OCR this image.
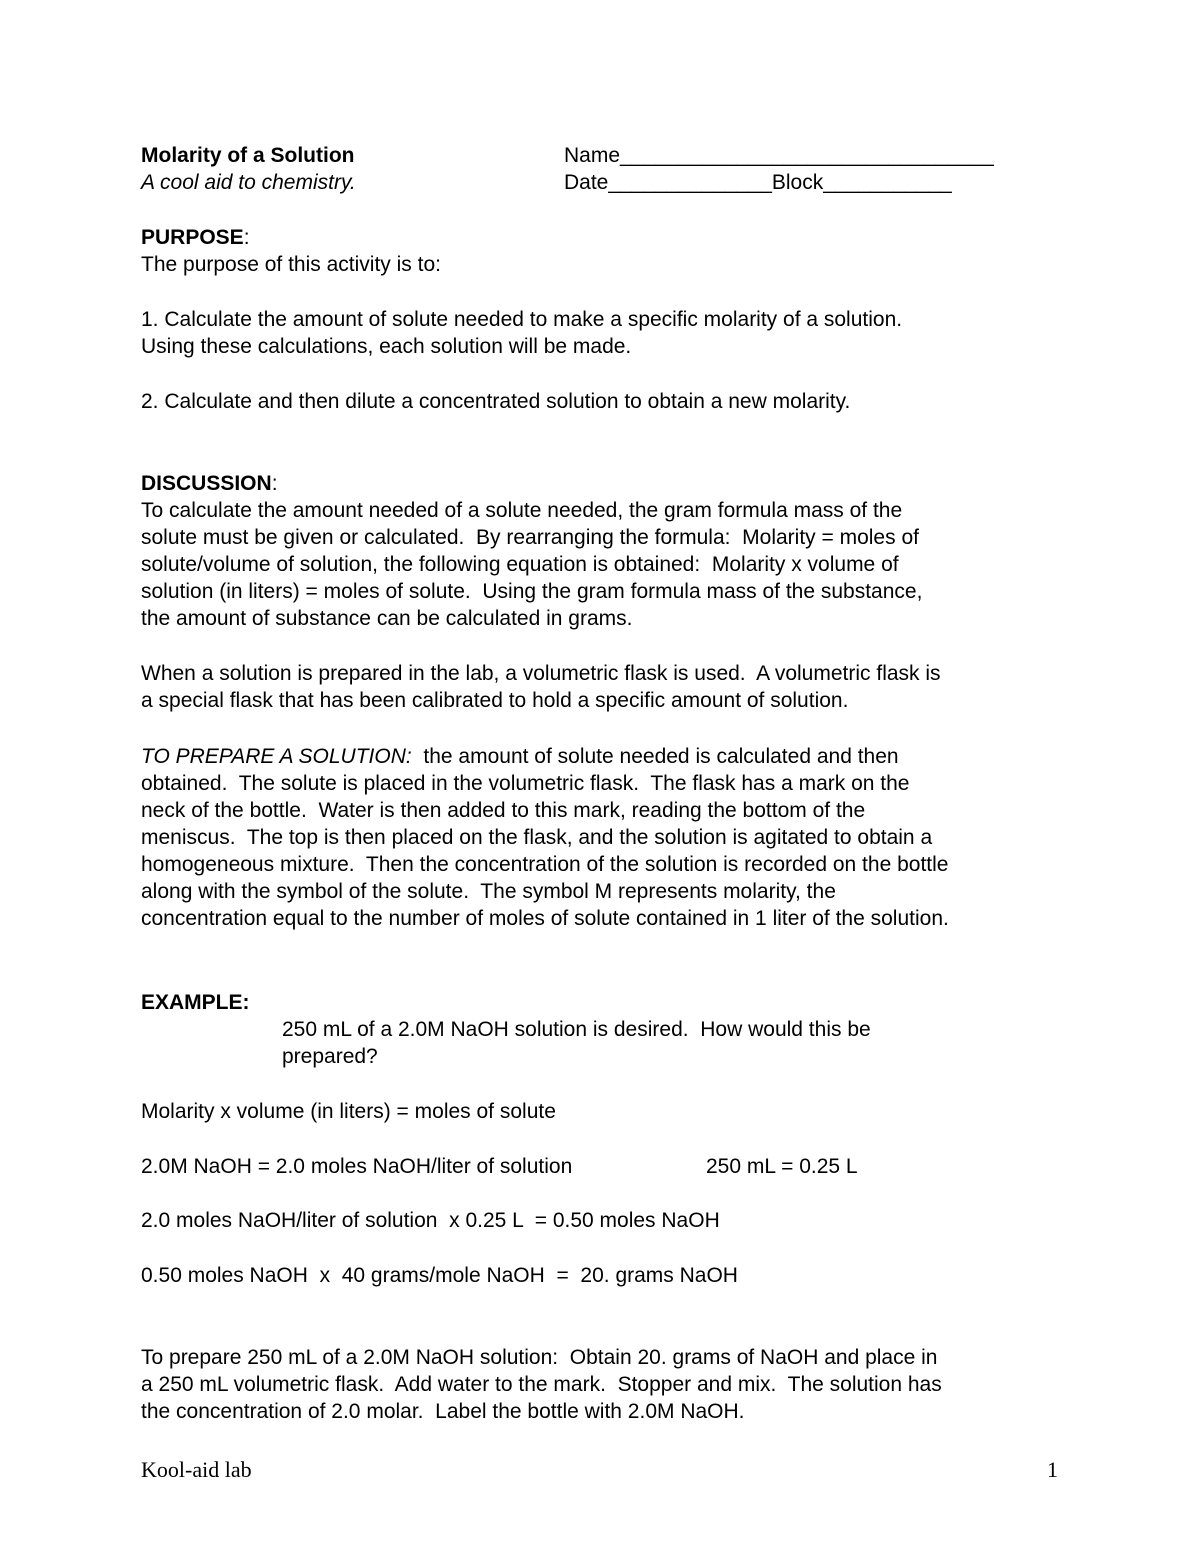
Molarity of a Solution	Name________________________________
A cool aid to chemistry.	Date______________Block___________
PURPOSE:
The purpose of this activity is to:
1. Calculate the amount of solute needed to make a specific molarity of a solution.
Using these calculations, each solution will be made.
2. Calculate and then dilute a concentrated solution to obtain a new molarity.
DISCUSSION:
To calculate the amount needed of a solute needed, the gram formula mass of the
solute must be given or calculated.  By rearranging the formula:  Molarity = moles of
solute/volume of solution, the following equation is obtained:  Molarity x volume of
solution (in liters) = moles of solute.  Using the gram formula mass of the substance,
the amount of substance can be calculated in grams.
When a solution is prepared in the lab, a volumetric flask is used.  A volumetric flask is
a special flask that has been calibrated to hold a specific amount of solution.
TO PREPARE A SOLUTION:  the amount of solute needed is calculated and then
obtained.  The solute is placed in the volumetric flask.  The flask has a mark on the
neck of the bottle.  Water is then added to this mark, reading the bottom of the
meniscus.  The top is then placed on the flask, and the solution is agitated to obtain a
homogeneous mixture.  Then the concentration of the solution is recorded on the bottle
along with the symbol of the solute.  The symbol M represents molarity, the
concentration equal to the number of moles of solute contained in 1 liter of the solution.
EXAMPLE:
250 mL of a 2.0M NaOH solution is desired.  How would this be
prepared?
Molarity x volume (in liters) = moles of solute
2.0M NaOH = 2.0 moles NaOH/liter of solution	250 mL = 0.25 L
2.0 moles NaOH/liter of solution  x 0.25 L  = 0.50 moles NaOH
0.50 moles NaOH  x  40 grams/mole NaOH  =  20. grams NaOH
To prepare 250 mL of a 2.0M NaOH solution:  Obtain 20. grams of NaOH and place in
a 250 mL volumetric flask.  Add water to the mark.  Stopper and mix.  The solution has
the concentration of 2.0 molar.  Label the bottle with 2.0M NaOH.
Kool-aid lab	1
